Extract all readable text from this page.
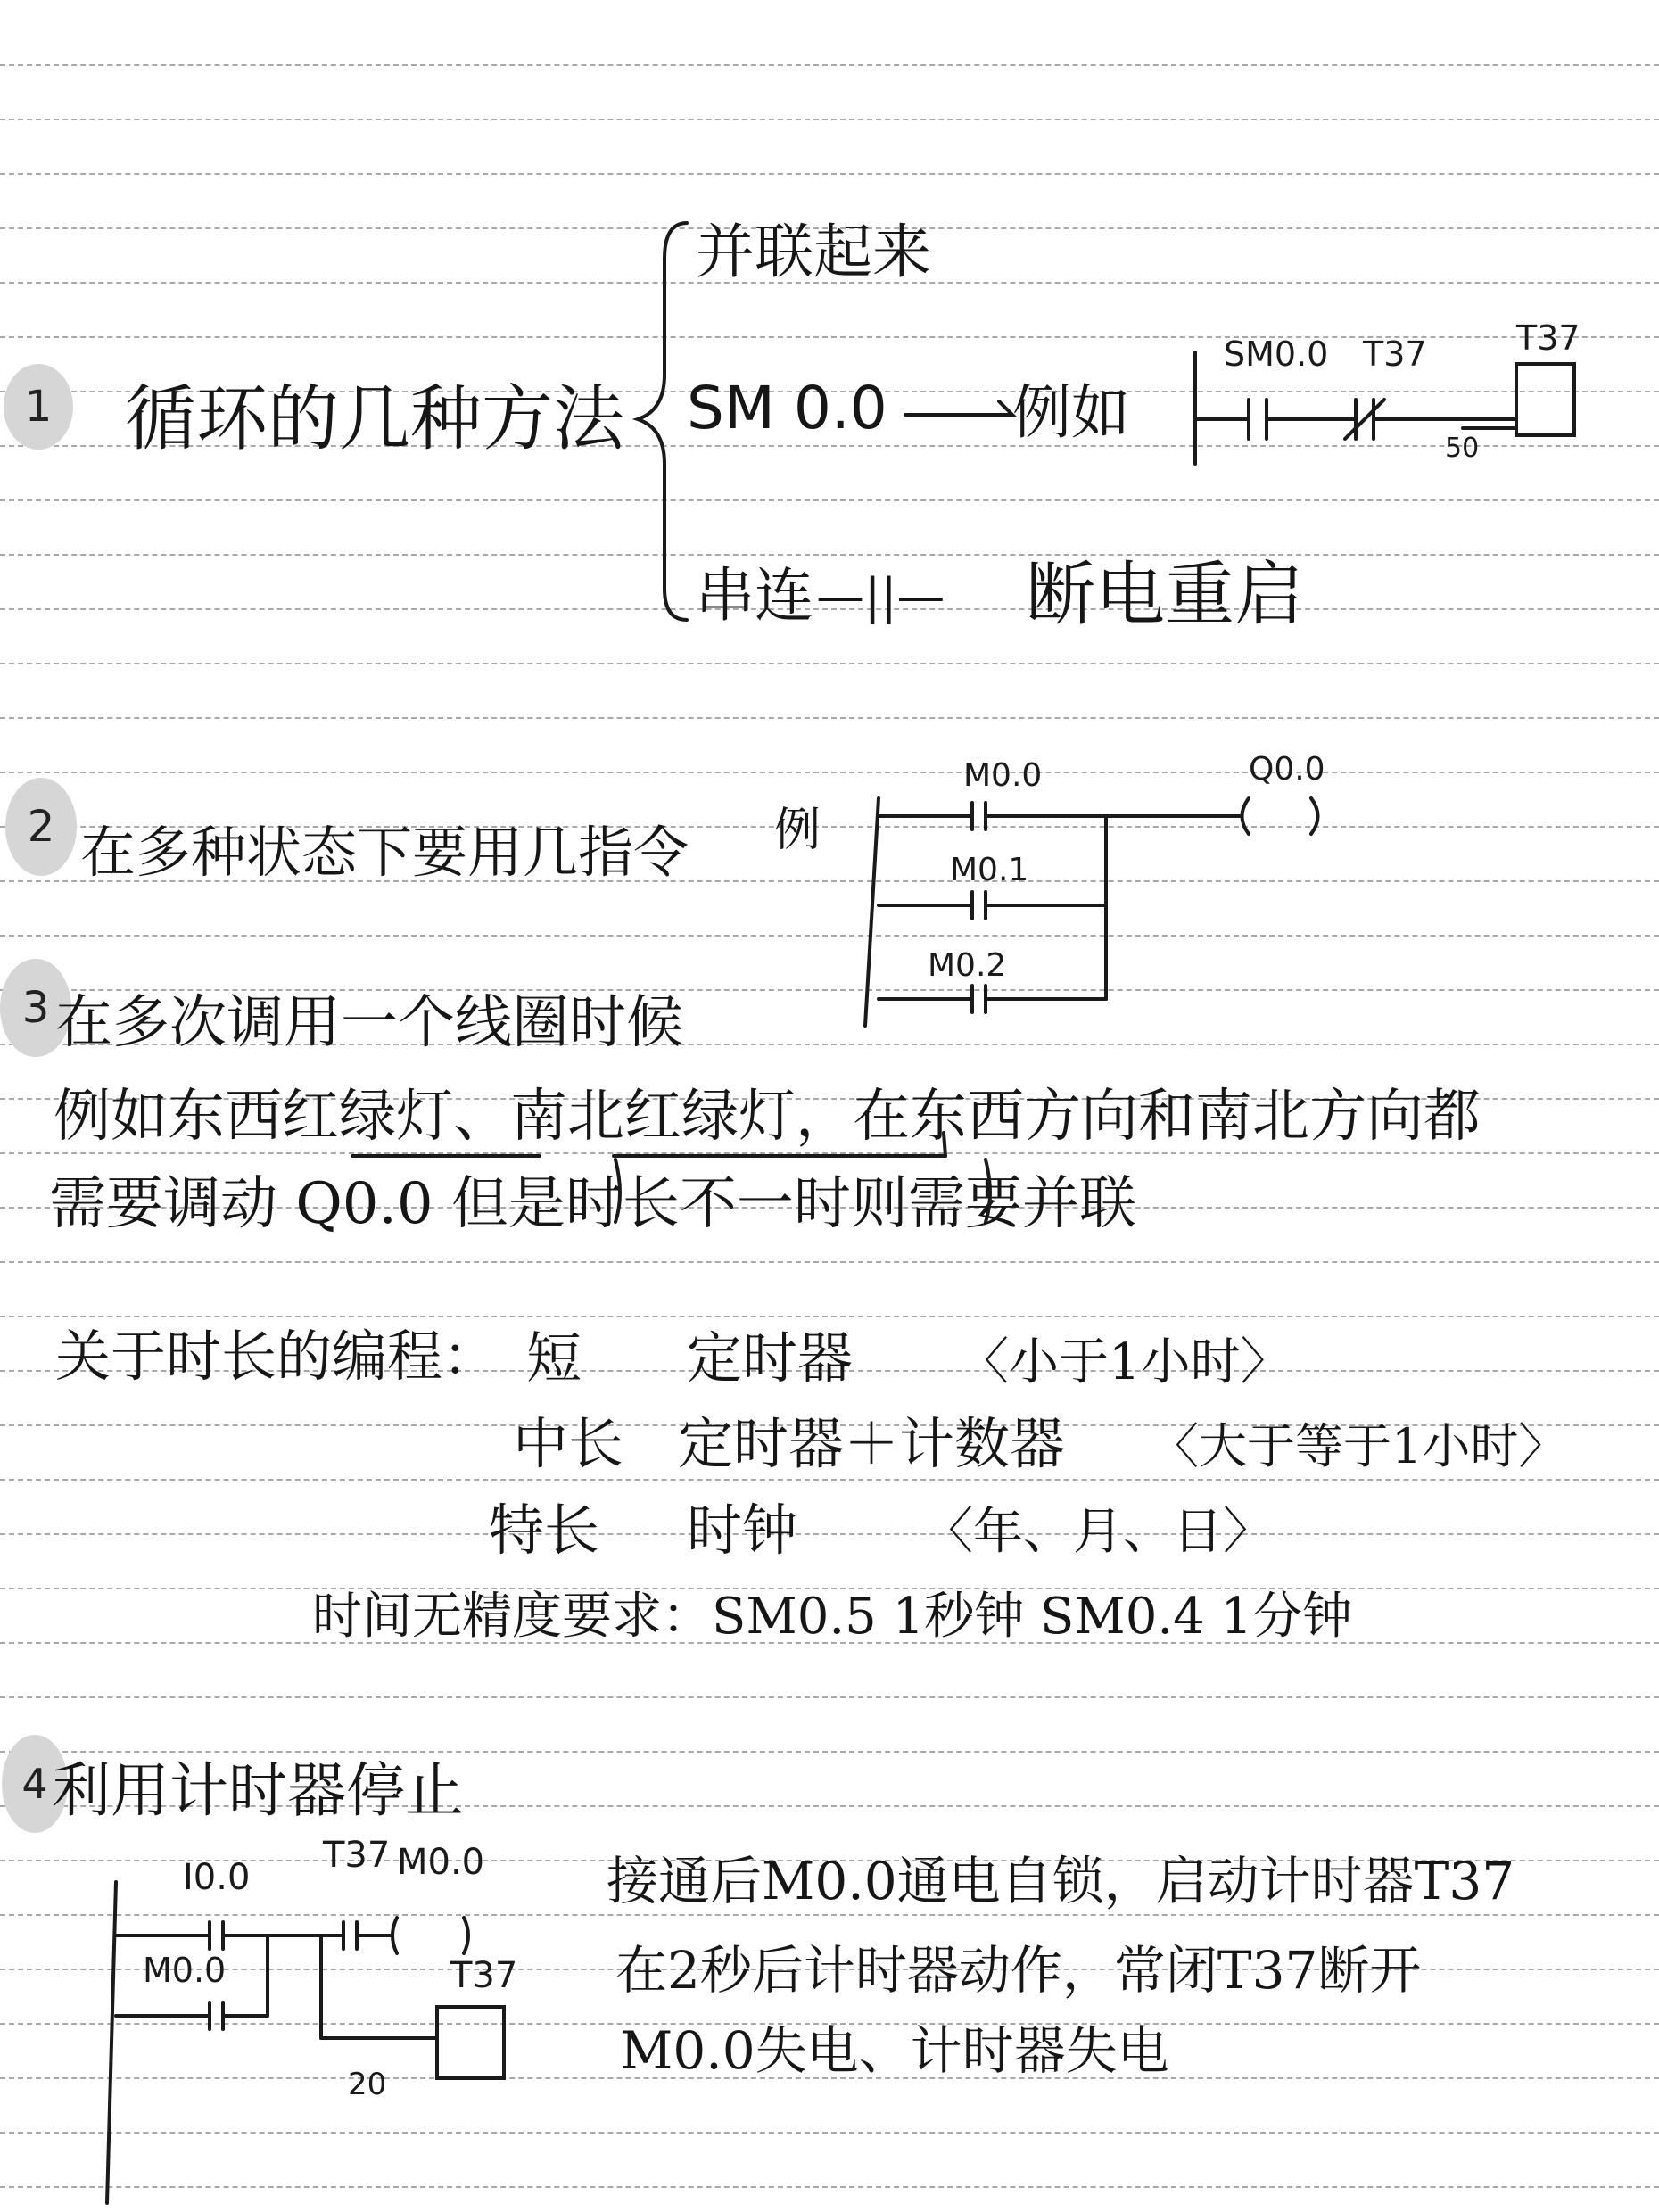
1 循环的几种方法
并联起来
SM 0.0 例如
串连 —||— 断电重启
SM0.0 T37	T37
50
2 在多种状态下要用几指令 例
M0.0
M0.1
M0.2
Q0.0
3 在多次调用一个线圈时候
例如东西红绿灯、南北红绿灯，在东西方向和南北方向都
需要调动 Q0.0 但是时长不一时则需要并联
关于时长的编程： 短 定时器 〈小于1小时〉
中长 定时器＋计数器 〈大于等于1小时〉
特长 时钟
时间无精度要求：SM0.5 1秒钟 SM0.4 1分钟
4 利用计时器停止
I0.0
T37 M0.0
M0.0	T37
20
接通后M0.0通电自锁，启动计时器T37
在2秒后计时器动作，常闭T37断开
M0.0失电、计时器失电
〈年、月、日〉
